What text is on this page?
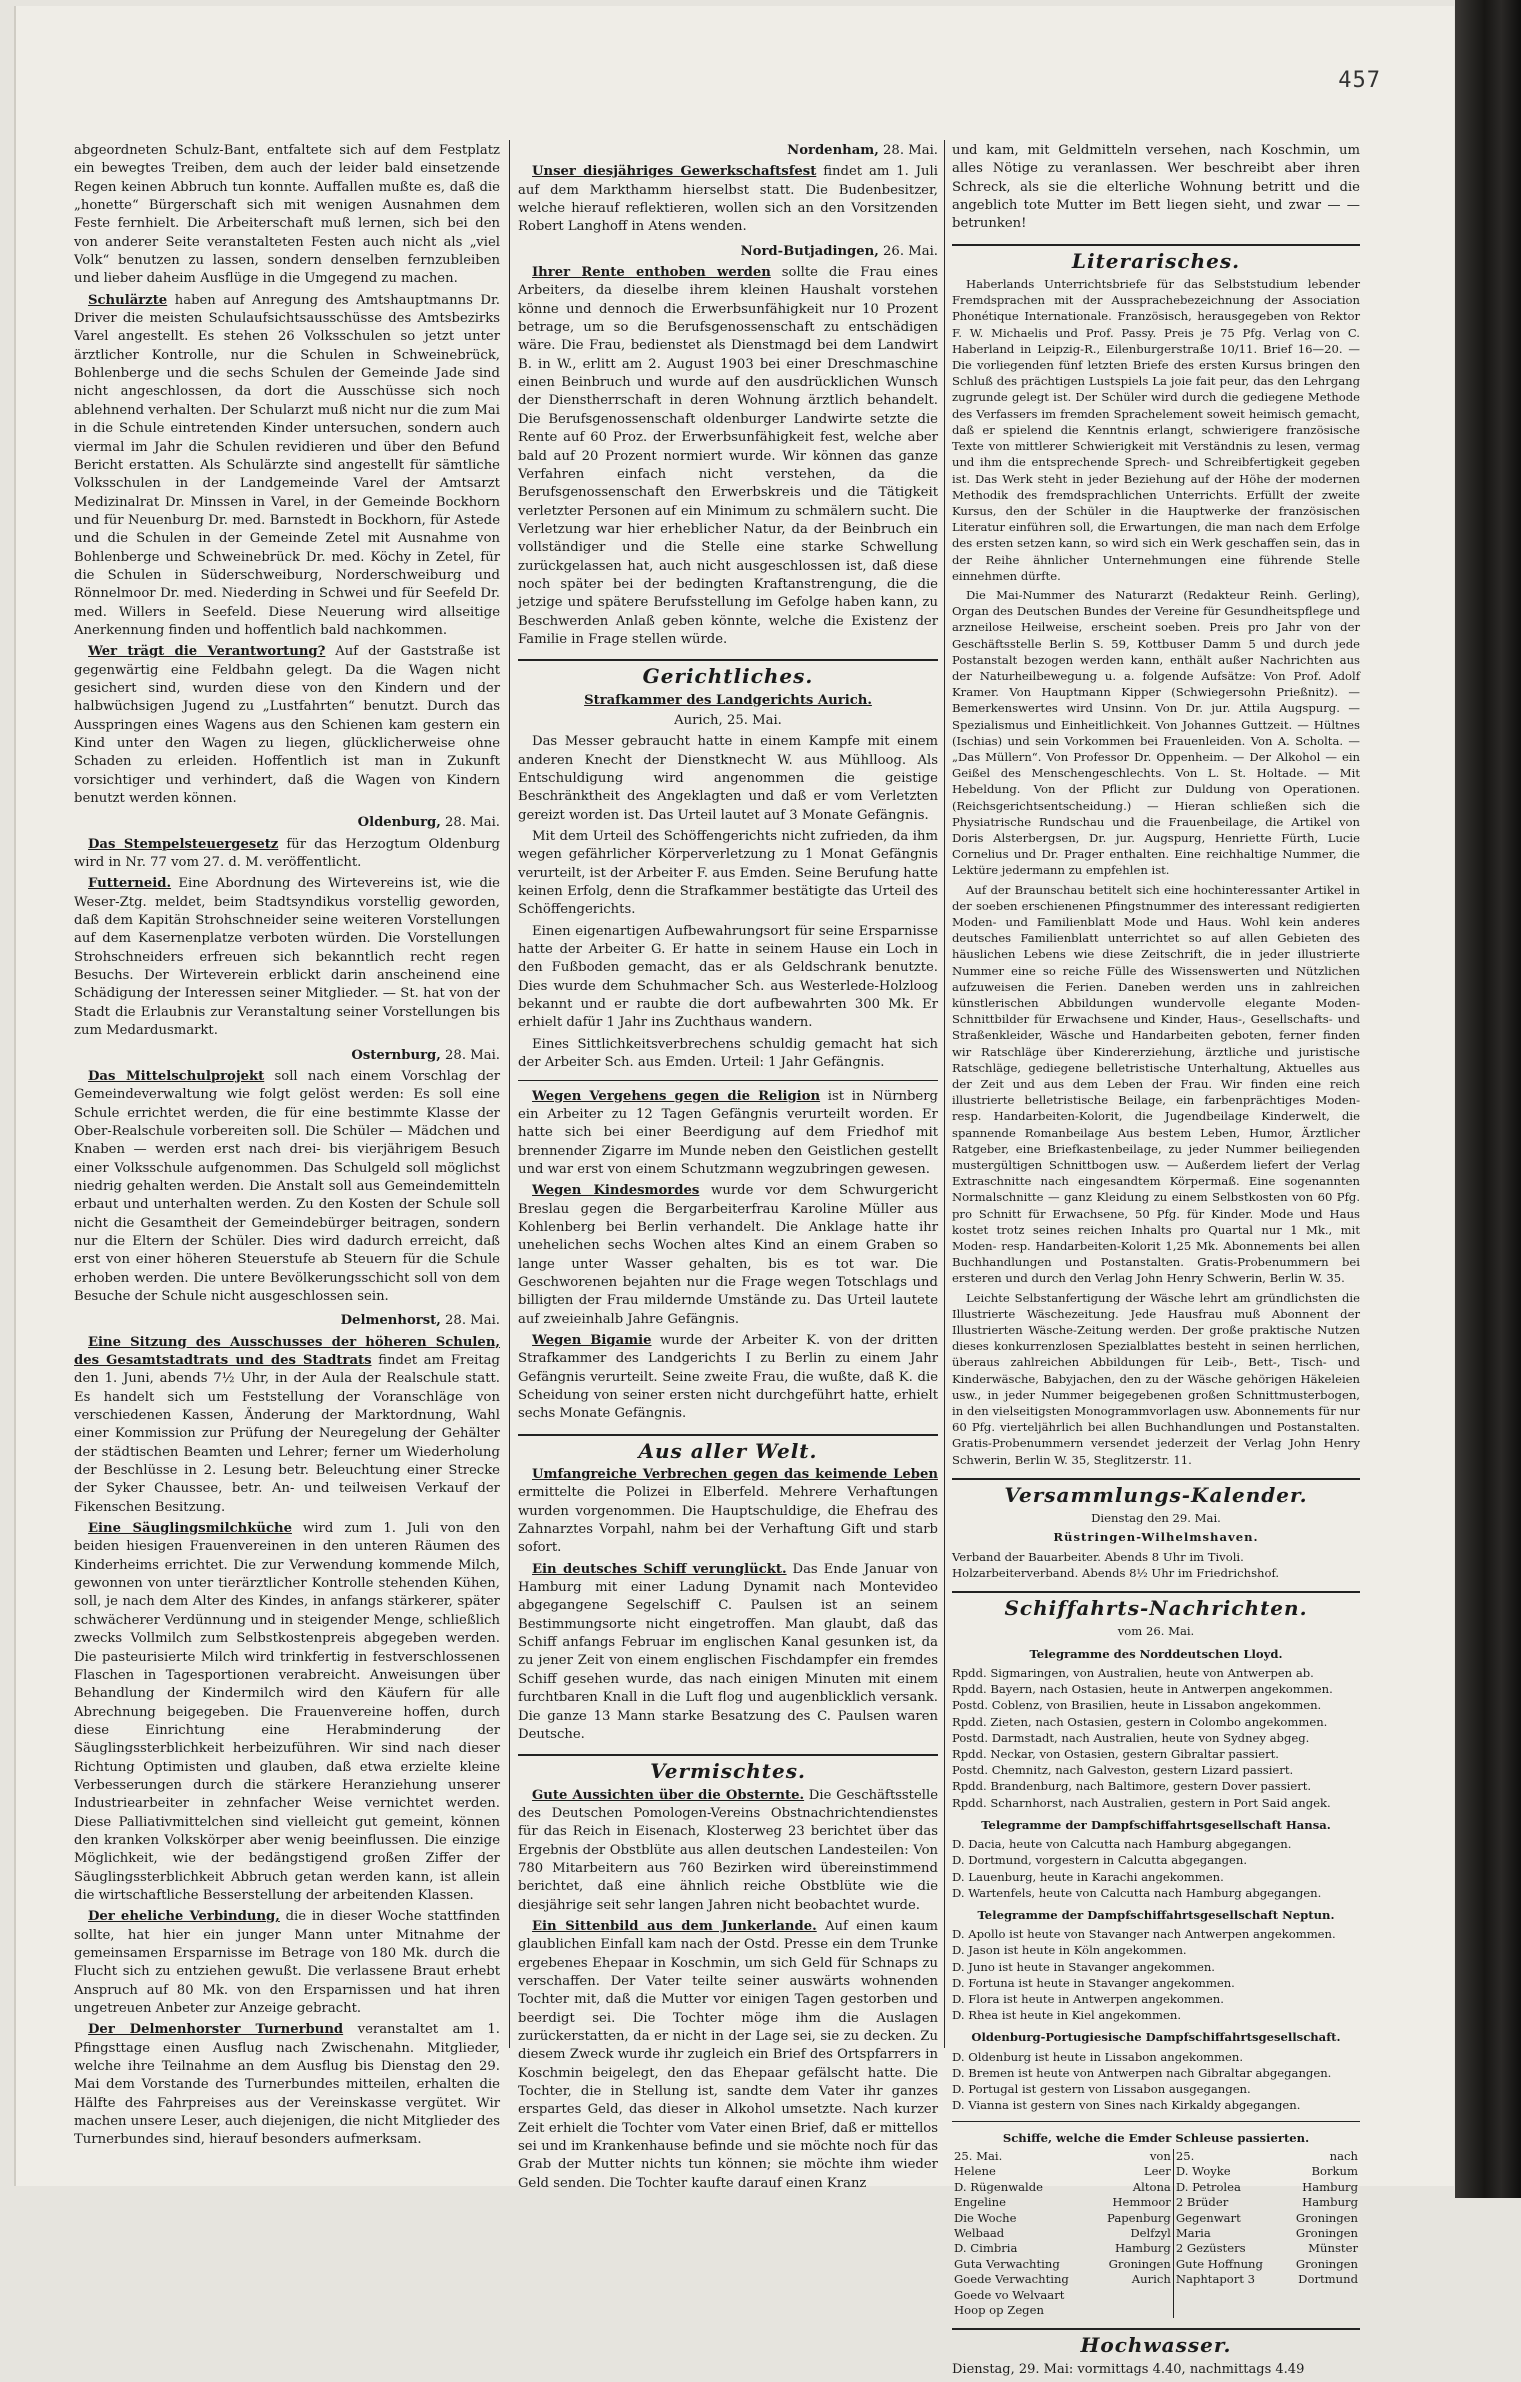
457

abgeordneten Schulz-Bant, entfaltete sich auf dem Festplatz ein bewegtes Treiben, dem auch der leider bald einsetzende Regen keinen Abbruch tun konnte. Auffallen mußte es, daß die „honette“ Bürgerschaft sich mit wenigen Ausnahmen dem Feste fernhielt. Die Arbeiterschaft muß lernen, sich bei den von anderer Seite veranstalteten Festen auch nicht als „viel Volk“ benutzen zu lassen, sondern denselben fernzubleiben und lieber daheim Ausflüge in die Umgegend zu machen.

Schulärzte haben auf Anregung des Amtshauptmanns Dr. Driver die meisten Schulaufsichtsausschüsse des Amtsbezirks Varel angestellt. Es stehen 26 Volksschulen so jetzt unter ärztlicher Kontrolle, nur die Schulen in Schweinebrück, Bohlenberge und die sechs Schulen der Gemeinde Jade sind nicht angeschlossen, da dort die Ausschüsse sich noch ablehnend verhalten. Der Schularzt muß nicht nur die zum Mai in die Schule eintretenden Kinder untersuchen, sondern auch viermal im Jahr die Schulen revidieren und über den Befund Bericht erstatten. Als Schulärzte sind angestellt für sämtliche Volksschulen in der Landgemeinde Varel der Amtsarzt Medizinalrat Dr. Minssen in Varel, in der Gemeinde Bockhorn und für Neuenburg Dr. med. Barnstedt in Bockhorn, für Astede und die Schulen in der Gemeinde Zetel mit Ausnahme von Bohlenberge und Schweinebrück Dr. med. Köchy in Zetel, für die Schulen in Süderschweiburg, Norderschweiburg und Rönnelmoor Dr. med. Niederding in Schwei und für Seefeld Dr. med. Willers in Seefeld. Diese Neuerung wird allseitige Anerkennung finden und hoffentlich bald nachkommen.

Wer trägt die Verantwortung? Auf der Gaststraße ist gegenwärtig eine Feldbahn gelegt. Da die Wagen nicht gesichert sind, wurden diese von den Kindern und der halbwüchsigen Jugend zu „Lustfahrten“ benutzt. Durch das Ausspringen eines Wagens aus den Schienen kam gestern ein Kind unter den Wagen zu liegen, glücklicherweise ohne Schaden zu erleiden. Hoffentlich ist man in Zukunft vorsichtiger und verhindert, daß die Wagen von Kindern benutzt werden können.

Oldenburg, 28. Mai.

Das Stempelsteuergesetz für das Herzogtum Oldenburg wird in Nr. 77 vom 27. d. M. veröffentlicht.

Futterneid. Eine Abordnung des Wirtevereins ist, wie die Weser-Ztg. meldet, beim Stadtsyndikus vorstellig geworden, daß dem Kapitän Strohschneider seine weiteren Vorstellungen auf dem Kasernenplatze verboten würden. Die Vorstellungen Strohschneiders erfreuen sich bekanntlich recht regen Besuchs. Der Wirteverein erblickt darin anscheinend eine Schädigung der Interessen seiner Mitglieder. — St. hat von der Stadt die Erlaubnis zur Veranstaltung seiner Vorstellungen bis zum Medardusmarkt.

Osternburg, 28. Mai.

Das Mittelschulprojekt soll nach einem Vorschlag der Gemeindeverwaltung wie folgt gelöst werden: Es soll eine Schule errichtet werden, die für eine bestimmte Klasse der Ober-Realschule vorbereiten soll. Die Schüler — Mädchen und Knaben — werden erst nach drei- bis vierjährigem Besuch einer Volksschule aufgenommen. Das Schulgeld soll möglichst niedrig gehalten werden. Die Anstalt soll aus Gemeindemitteln erbaut und unterhalten werden. Zu den Kosten der Schule soll nicht die Gesamtheit der Gemeindebürger beitragen, sondern nur die Eltern der Schüler. Dies wird dadurch erreicht, daß erst von einer höheren Steuerstufe ab Steuern für die Schule erhoben werden. Die untere Bevölkerungsschicht soll von dem Besuche der Schule nicht ausgeschlossen sein.

Delmenhorst, 28. Mai.

Eine Sitzung des Ausschusses der höheren Schulen, des Gesamtstadtrats und des Stadtrats findet am Freitag den 1. Juni, abends 7½ Uhr, in der Aula der Realschule statt. Es handelt sich um Feststellung der Voranschläge von verschiedenen Kassen, Änderung der Marktordnung, Wahl einer Kommission zur Prüfung der Neuregelung der Gehälter der städtischen Beamten und Lehrer; ferner um Wiederholung der Beschlüsse in 2. Lesung betr. Beleuchtung einer Strecke der Syker Chaussee, betr. An- und teilweisen Verkauf der Fikenschen Besitzung.

Eine Säuglingsmilchküche wird zum 1. Juli von den beiden hiesigen Frauenvereinen in den unteren Räumen des Kinderheims errichtet. Die zur Verwendung kommende Milch, gewonnen von unter tierärztlicher Kontrolle stehenden Kühen, soll, je nach dem Alter des Kindes, in anfangs stärkerer, später schwächerer Verdünnung und in steigender Menge, schließlich zwecks Vollmilch zum Selbstkostenpreis abgegeben werden. Die pasteurisierte Milch wird trinkfertig in festverschlossenen Flaschen in Tagesportionen verabreicht. Anweisungen über Behandlung der Kindermilch wird den Käufern für alle Abrechnung beigegeben. Die Frauenvereine hoffen, durch diese Einrichtung eine Herabminderung der Säuglingssterblichkeit herbeizuführen. Wir sind nach dieser Richtung Optimisten und glauben, daß etwa erzielte kleine Verbesserungen durch die stärkere Heranziehung unserer Industriearbeiter in zehnfacher Weise vernichtet werden. Diese Palliativmittelchen sind vielleicht gut gemeint, können den kranken Volkskörper aber wenig beeinflussen. Die einzige Möglichkeit, wie der bedängstigend großen Ziffer der Säuglingssterblichkeit Abbruch getan werden kann, ist allein die wirtschaftliche Besserstellung der arbeitenden Klassen.

Der eheliche Verbindung, die in dieser Woche stattfinden sollte, hat hier ein junger Mann unter Mitnahme der gemeinsamen Ersparnisse im Betrage von 180 Mk. durch die Flucht sich zu entziehen gewußt. Die verlassene Braut erhebt Anspruch auf 80 Mk. von den Ersparnissen und hat ihren ungetreuen Anbeter zur Anzeige gebracht.

Der Delmenhorster Turnerbund veranstaltet am 1. Pfingsttage einen Ausflug nach Zwischenahn. Mitglieder, welche ihre Teilnahme an dem Ausflug bis Dienstag den 29. Mai dem Vorstande des Turnerbundes mitteilen, erhalten die Hälfte des Fahrpreises aus der Vereinskasse vergütet. Wir machen unsere Leser, auch diejenigen, die nicht Mitglieder des Turnerbundes sind, hierauf besonders aufmerksam.

Nordenham, 28. Mai.

Unser diesjähriges Gewerkschaftsfest findet am 1. Juli auf dem Markthamm hierselbst statt. Die Budenbesitzer, welche hierauf reflektieren, wollen sich an den Vorsitzenden Robert Langhoff in Atens wenden.

Nord-Butjadingen, 26. Mai.

Ihrer Rente enthoben werden sollte die Frau eines Arbeiters, da dieselbe ihrem kleinen Haushalt vorstehen könne und dennoch die Erwerbsunfähigkeit nur 10 Prozent betrage, um so die Berufsgenossenschaft zu entschädigen wäre. Die Frau, bedienstet als Dienstmagd bei dem Landwirt B. in W., erlitt am 2. August 1903 bei einer Dreschmaschine einen Beinbruch und wurde auf den ausdrücklichen Wunsch der Dienstherrschaft in deren Wohnung ärztlich behandelt. Die Berufsgenossenschaft oldenburger Landwirte setzte die Rente auf 60 Proz. der Erwerbsunfähigkeit fest, welche aber bald auf 20 Prozent normiert wurde. Wir können das ganze Verfahren einfach nicht verstehen, da die Berufsgenossenschaft den Erwerbskreis und die Tätigkeit verletzter Personen auf ein Minimum zu schmälern sucht. Die Verletzung war hier erheblicher Natur, da der Beinbruch ein vollständiger und die Stelle eine starke Schwellung zurückgelassen hat, auch nicht ausgeschlossen ist, daß diese noch später bei der bedingten Kraftanstrengung, die die jetzige und spätere Berufsstellung im Gefolge haben kann, zu Beschwerden Anlaß geben könnte, welche die Existenz der Familie in Frage stellen würde.

Gerichtliches.

Strafkammer des Landgerichts Aurich.

Aurich, 25. Mai.

Das Messer gebraucht hatte in einem Kampfe mit einem anderen Knecht der Dienstknecht W. aus Mühlloog. Als Entschuldigung wird angenommen die geistige Beschränktheit des Angeklagten und daß er vom Verletzten gereizt worden ist. Das Urteil lautet auf 3 Monate Gefängnis.

Mit dem Urteil des Schöffengerichts nicht zufrieden, da ihm wegen gefährlicher Körperverletzung zu 1 Monat Gefängnis verurteilt, ist der Arbeiter F. aus Emden. Seine Berufung hatte keinen Erfolg, denn die Strafkammer bestätigte das Urteil des Schöffengerichts.

Einen eigenartigen Aufbewahrungsort für seine Ersparnisse hatte der Arbeiter G. Er hatte in seinem Hause ein Loch in den Fußboden gemacht, das er als Geldschrank benutzte. Dies wurde dem Schuhmacher Sch. aus Westerlede-Holzloog bekannt und er raubte die dort aufbewahrten 300 Mk. Er erhielt dafür 1 Jahr ins Zuchthaus wandern.

Eines Sittlichkeitsverbrechens schuldig gemacht hat sich der Arbeiter Sch. aus Emden. Urteil: 1 Jahr Gefängnis.

Wegen Vergehens gegen die Religion ist in Nürnberg ein Arbeiter zu 12 Tagen Gefängnis verurteilt worden. Er hatte sich bei einer Beerdigung auf dem Friedhof mit brennender Zigarre im Munde neben den Geistlichen gestellt und war erst von einem Schutzmann wegzubringen gewesen.

Wegen Kindesmordes wurde vor dem Schwurgericht Breslau gegen die Bergarbeiterfrau Karoline Müller aus Kohlenberg bei Berlin verhandelt. Die Anklage hatte ihr unehelichen sechs Wochen altes Kind an einem Graben so lange unter Wasser gehalten, bis es tot war. Die Geschworenen bejahten nur die Frage wegen Totschlags und billigten der Frau mildernde Umstände zu. Das Urteil lautete auf zweieinhalb Jahre Gefängnis.

Wegen Bigamie wurde der Arbeiter K. von der dritten Strafkammer des Landgerichts I zu Berlin zu einem Jahr Gefängnis verurteilt. Seine zweite Frau, die wußte, daß K. die Scheidung von seiner ersten nicht durchgeführt hatte, erhielt sechs Monate Gefängnis.

Aus aller Welt.

Umfangreiche Verbrechen gegen das keimende Leben ermittelte die Polizei in Elberfeld. Mehrere Verhaftungen wurden vorgenommen. Die Hauptschuldige, die Ehefrau des Zahnarztes Vorpahl, nahm bei der Verhaftung Gift und starb sofort.

Ein deutsches Schiff verunglückt. Das Ende Januar von Hamburg mit einer Ladung Dynamit nach Montevideo abgegangene Segelschiff C. Paulsen ist an seinem Bestimmungsorte nicht eingetroffen. Man glaubt, daß das Schiff anfangs Februar im englischen Kanal gesunken ist, da zu jener Zeit von einem englischen Fischdampfer ein fremdes Schiff gesehen wurde, das nach einigen Minuten mit einem furchtbaren Knall in die Luft flog und augenblicklich versank. Die ganze 13 Mann starke Besatzung des C. Paulsen waren Deutsche.

Vermischtes.

Gute Aussichten über die Obsternte. Die Geschäftsstelle des Deutschen Pomologen-Vereins Obstnachrichtendienstes für das Reich in Eisenach, Klosterweg 23 berichtet über das Ergebnis der Obstblüte aus allen deutschen Landesteilen: Von 780 Mitarbeitern aus 760 Bezirken wird übereinstimmend berichtet, daß eine ähnlich reiche Obstblüte wie die diesjährige seit sehr langen Jahren nicht beobachtet wurde.

Ein Sittenbild aus dem Junkerlande. Auf einen kaum glaublichen Einfall kam nach der Ostd. Presse ein dem Trunke ergebenes Ehepaar in Koschmin, um sich Geld für Schnaps zu verschaffen. Der Vater teilte seiner auswärts wohnenden Tochter mit, daß die Mutter vor einigen Tagen gestorben und beerdigt sei. Die Tochter möge ihm die Auslagen zurückerstatten, da er nicht in der Lage sei, sie zu decken. Zu diesem Zweck wurde ihr zugleich ein Brief des Ortspfarrers in Koschmin beigelegt, den das Ehepaar gefälscht hatte. Die Tochter, die in Stellung ist, sandte dem Vater ihr ganzes erspartes Geld, das dieser in Alkohol umsetzte. Nach kurzer Zeit erhielt die Tochter vom Vater einen Brief, daß er mittellos sei und im Krankenhause befinde und sie möchte noch für das Grab der Mutter nichts tun können; sie möchte ihm wieder Geld senden. Die Tochter kaufte darauf einen Kranz

und kam, mit Geldmitteln versehen, nach Koschmin, um alles Nötige zu veranlassen. Wer beschreibt aber ihren Schreck, als sie die elterliche Wohnung betritt und die angeblich tote Mutter im Bett liegen sieht, und zwar — — betrunken!

Literarisches.

Haberlands Unterrichtsbriefe für das Selbststudium lebender Fremdsprachen mit der Aussprachebezeichnung der Association Phonétique Internationale. Französisch, herausgegeben von Rektor F. W. Michaelis und Prof. Passy. Preis je 75 Pfg. Verlag von C. Haberland in Leipzig-R., Eilenburgerstraße 10/11. Brief 16—20. — Die vorliegenden fünf letzten Briefe des ersten Kursus bringen den Schluß des prächtigen Lustspiels La joie fait peur, das den Lehrgang zugrunde gelegt ist. Der Schüler wird durch die gediegene Methode des Verfassers im fremden Sprachelement soweit heimisch gemacht, daß er spielend die Kenntnis erlangt, schwierigere französische Texte von mittlerer Schwierigkeit mit Verständnis zu lesen, vermag und ihm die entsprechende Sprech- und Schreibfertigkeit gegeben ist. Das Werk steht in jeder Beziehung auf der Höhe der modernen Methodik des fremdsprachlichen Unterrichts. Erfüllt der zweite Kursus, den der Schüler in die Hauptwerke der französischen Literatur einführen soll, die Erwartungen, die man nach dem Erfolge des ersten setzen kann, so wird sich ein Werk geschaffen sein, das in der Reihe ähnlicher Unternehmungen eine führende Stelle einnehmen dürfte.

Die Mai-Nummer des Naturarzt (Redakteur Reinh. Gerling), Organ des Deutschen Bundes der Vereine für Gesundheitspflege und arzneilose Heilweise, erscheint soeben. Preis pro Jahr von der Geschäftsstelle Berlin S. 59, Kottbuser Damm 5 und durch jede Postanstalt bezogen werden kann, enthält außer Nachrichten aus der Naturheilbewegung u. a. folgende Aufsätze: Von Prof. Adolf Kramer. Von Hauptmann Kipper (Schwiegersohn Prießnitz). — Bemerkenswertes wird Unsinn. Von Dr. jur. Attila Augspurg. — Spezialismus und Einheitlichkeit. Von Johannes Guttzeit. — Hültnes (Ischias) und sein Vorkommen bei Frauenleiden. Von A. Scholta. — „Das Müllern“. Von Professor Dr. Oppenheim. — Der Alkohol — ein Geißel des Menschengeschlechts. Von L. St. Holtade. — Mit Hebeldung. Von der Pflicht zur Duldung von Operationen. (Reichsgerichtsentscheidung.) — Hieran schließen sich die Physiatrische Rundschau und die Frauenbeilage, die Artikel von Doris Alsterbergsen, Dr. jur. Augspurg, Henriette Fürth, Lucie Cornelius und Dr. Prager enthalten. Eine reichhaltige Nummer, die Lektüre jedermann zu empfehlen ist.

Auf der Braunschau betitelt sich eine hochinteressanter Artikel in der soeben erschienenen Pfingstnummer des interessant redigierten Moden- und Familienblatt Mode und Haus. Wohl kein anderes deutsches Familienblatt unterrichtet so auf allen Gebieten des häuslichen Lebens wie diese Zeitschrift, die in jeder illustrierte Nummer eine so reiche Fülle des Wissenswerten und Nützlichen aufzuweisen die Ferien. Daneben werden uns in zahlreichen künstlerischen Abbildungen wundervolle elegante Moden-Schnittbilder für Erwachsene und Kinder, Haus-, Gesellschafts- und Straßenkleider, Wäsche und Handarbeiten geboten, ferner finden wir Ratschläge über Kindererziehung, ärztliche und juristische Ratschläge, gediegene belletristische Unterhaltung, Aktuelles aus der Zeit und aus dem Leben der Frau. Wir finden eine reich illustrierte belletristische Beilage, ein farbenprächtiges Moden- resp. Handarbeiten-Kolorit, die Jugendbeilage Kinderwelt, die spannende Romanbeilage Aus bestem Leben, Humor, Ärztlicher Ratgeber, eine Briefkastenbeilage, zu jeder Nummer beiliegenden mustergültigen Schnittbogen usw. — Außerdem liefert der Verlag Extraschnitte nach eingesandtem Körpermaß. Eine sogenannten Normalschnitte — ganz Kleidung zu einem Selbstkosten von 60 Pfg. pro Schnitt für Erwachsene, 50 Pfg. für Kinder. Mode und Haus kostet trotz seines reichen Inhalts pro Quartal nur 1 Mk., mit Moden- resp. Handarbeiten-Kolorit 1,25 Mk. Abonnements bei allen Buchhandlungen und Postanstalten. Gratis-Probenummern bei ersteren und durch den Verlag John Henry Schwerin, Berlin W. 35.

Leichte Selbstanfertigung der Wäsche lehrt am gründlichsten die Illustrierte Wäschezeitung. Jede Hausfrau muß Abonnent der Illustrierten Wäsche-Zeitung werden. Der große praktische Nutzen dieses konkurrenzlosen Spezialblattes besteht in seinen herrlichen, überaus zahlreichen Abbildungen für Leib-, Bett-, Tisch- und Kinderwäsche, Babyjachen, den zu der Wäsche gehörigen Häkeleien usw., in jeder Nummer beigegebenen großen Schnittmusterbogen, in den vielseitigsten Monogrammvorlagen usw. Abonnements für nur 60 Pfg. vierteljährlich bei allen Buchhandlungen und Postanstalten. Gratis-Probenummern versendet jederzeit der Verlag John Henry Schwerin, Berlin W. 35, Steglitzerstr. 11.

Versammlungs-Kalender.

Dienstag den 29. Mai.

Rüstringen-Wilhelmshaven.

Verband der Bauarbeiter. Abends 8 Uhr im Tivoli.

Holzarbeiterverband. Abends 8½ Uhr im Friedrichshof.

Schiffahrts-Nachrichten.

vom 26. Mai.

Telegramme des Norddeutschen Lloyd.

Rpdd. Sigmaringen, von Australien, heute von Antwerpen ab.

Rpdd. Bayern, nach Ostasien, heute in Antwerpen angekommen.

Postd. Coblenz, von Brasilien, heute in Lissabon angekommen.

Rpdd. Zieten, nach Ostasien, gestern in Colombo angekommen.

Postd. Darmstadt, nach Australien, heute von Sydney abgeg.

Rpdd. Neckar, von Ostasien, gestern Gibraltar passiert.

Postd. Chemnitz, nach Galveston, gestern Lizard passiert.

Rpdd. Brandenburg, nach Baltimore, gestern Dover passiert.

Rpdd. Scharnhorst, nach Australien, gestern in Port Said angek.

Telegramme der Dampfschiffahrtsgesellschaft Hansa.

D. Dacia, heute von Calcutta nach Hamburg abgegangen.

D. Dortmund, vorgestern in Calcutta abgegangen.

D. Lauenburg, heute in Karachi angekommen.

D. Wartenfels, heute von Calcutta nach Hamburg abgegangen.

Telegramme der Dampfschiffahrtsgesellschaft Neptun.

D. Apollo ist heute von Stavanger nach Antwerpen angekommen.

D. Jason ist heute in Köln angekommen.

D. Juno ist heute in Stavanger angekommen.

D. Fortuna ist heute in Stavanger angekommen.

D. Flora ist heute in Antwerpen angekommen.

D. Rhea ist heute in Kiel angekommen.

Oldenburg-Portugiesische Dampfschiffahrtsgesellschaft.

D. Oldenburg ist heute in Lissabon angekommen.

D. Bremen ist heute von Antwerpen nach Gibraltar abgegangen.

D. Portugal ist gestern von Lissabon ausgegangen.

D. Vianna ist gestern von Sines nach Kirkaldy abgegangen.

Schiffe, welche die Emder Schleuse passierten.

25. Mai.	von	25.	nach
Helene	Leer	D. Woyke	Borkum
D. Rügenwalde	Altona	D. Petrolea	Hamburg
Engeline	Hemmoor	2 Brüder	Hamburg
Die Woche	Papenburg	Gegenwart	Groningen
Welbaad	Delfzyl	Maria	Groningen
D. Cimbria	Hamburg	2 Gezüsters	Münster
Guta Verwachting	Groningen	Gute Hoffnung	Groningen
Goede Verwachting	Aurich	Naphtaport 3	Dortmund
Goede vo Welvaart			
Hoop op Zegen			
Hochwasser.

Dienstag, 29. Mai: vormittags 4.40, nachmittags 4.49
